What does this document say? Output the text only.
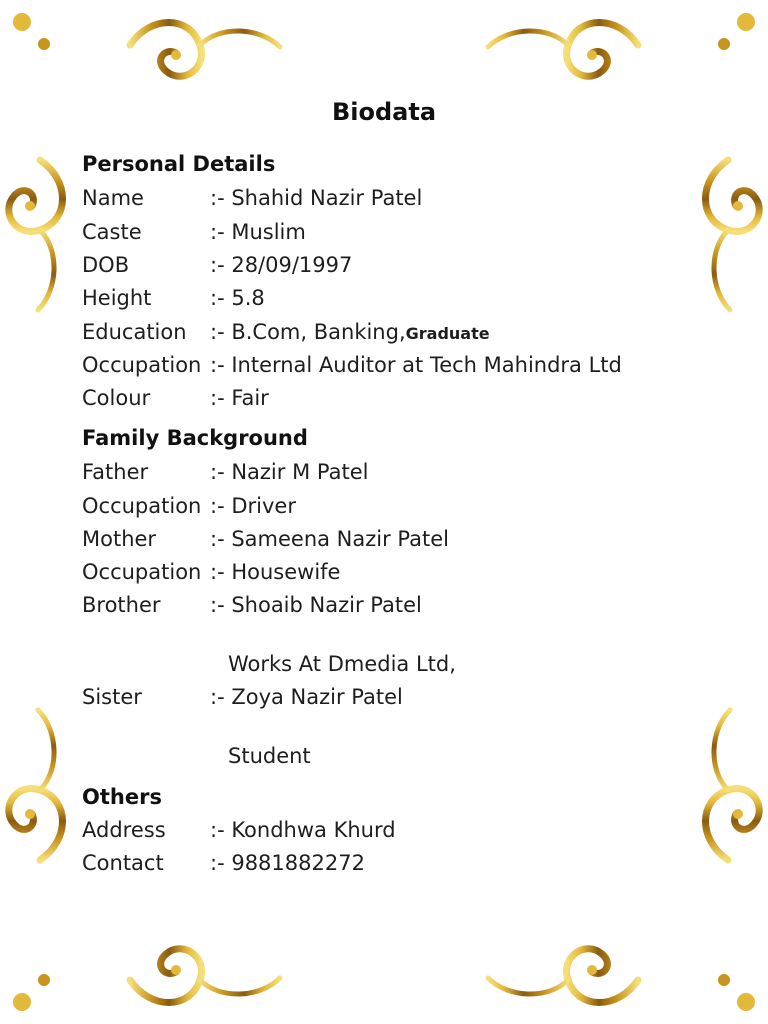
Biodata
Personal Details
Name	:- Shahid Nazir Patel
Caste	:- Muslim
DOB	:- 28/09/1997
Height	:- 5.8
Education :- B.Com, Banking,Graduate
Occupation :- Internal Auditor at Tech Mahindra Ltd
Colour	:- Fair
Family Background
Father	:- Nazir M Patel
Occupation :- Driver
Mother	:- Sameena Nazir Patel
Occupation :- Housewife
Brother :- Shoaib Nazir Patel
Works At Dmedia Ltd,
Sister	:- Zoya Nazir Patel
Student
Others
Address :- Kondhwa Khurd
Contact :- 9881882272
